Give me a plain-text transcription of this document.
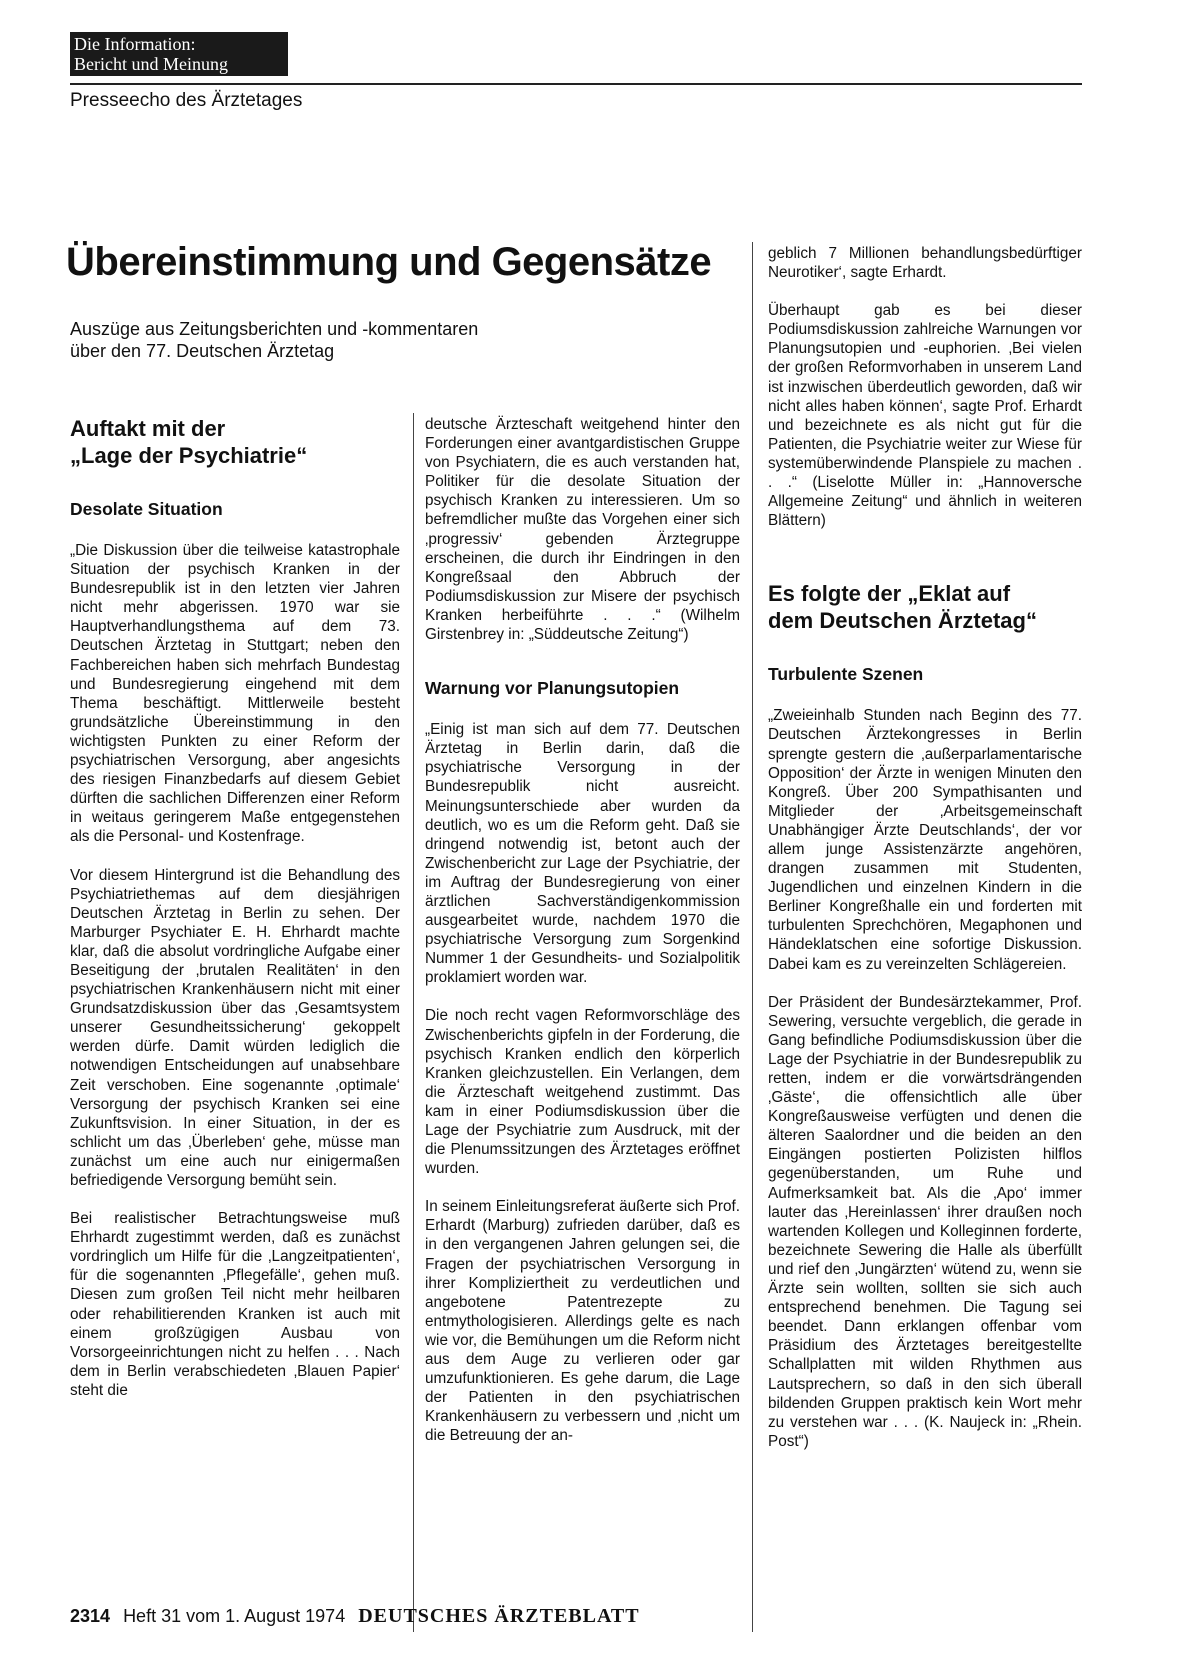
Die Information:
Bericht und Meinung
Presseecho des Ärztetages
Übereinstimmung und Gegensätze
Auszüge aus Zeitungsberichten und -kommentaren
über den 77. Deutschen Ärztetag
Auftakt mit der
„Lage der Psychiatrie“
Desolate Situation

„Die Diskussion über die teilweise katastrophale Situation der psychisch Kranken in der Bundesrepublik ist in den letzten vier Jahren nicht mehr abgerissen. 1970 war sie Hauptverhandlungsthema auf dem 73. Deutschen Ärztetag in Stuttgart; neben den Fachbereichen haben sich mehrfach Bundestag und Bundesregierung eingehend mit dem Thema beschäftigt. Mittlerweile besteht grundsätzliche Übereinstimmung in den wichtigsten Punkten zu einer Reform der psychiatrischen Versorgung, aber angesichts des riesigen Finanzbedarfs auf diesem Gebiet dürften die sachlichen Differenzen einer Reform in weitaus geringerem Maße entgegenstehen als die Personal- und Kostenfrage.

Vor diesem Hintergrund ist die Behandlung des Psychiatriethemas auf dem diesjährigen Deutschen Ärztetag in Berlin zu sehen. Der Marburger Psychiater E. H. Ehrhardt machte klar, daß die absolut vordringliche Aufgabe einer Beseitigung der ‚brutalen Realitäten‘ in den psychiatrischen Krankenhäusern nicht mit einer Grundsatzdiskussion über das ‚Gesamtsystem unserer Gesundheitssicherung‘ gekoppelt werden dürfe. Damit würden lediglich die notwendigen Entscheidungen auf unabsehbare Zeit verschoben. Eine sogenannte ‚optimale‘ Versorgung der psychisch Kranken sei eine Zukunftsvision. In einer Situation, in der es schlicht um das ‚Überleben‘ gehe, müsse man zunächst um eine auch nur einigermaßen befriedigende Versorgung bemüht sein.

Bei realistischer Betrachtungsweise muß Ehrhardt zugestimmt werden, daß es zunächst vordringlich um Hilfe für die ‚Langzeitpatienten‘, für die sogenannten ‚Pflegefälle‘, gehen muß. Diesen zum großen Teil nicht mehr heilbaren oder rehabilitierenden Kranken ist auch mit einem großzügigen Ausbau von Vorsorgeeinrichtungen nicht zu helfen . . . Nach dem in Berlin verabschiedeten ‚Blauen Papier‘ steht die

deutsche Ärzteschaft weitgehend hinter den Forderungen einer avantgardistischen Gruppe von Psychiatern, die es auch verstanden hat, Politiker für die desolate Situation der psychisch Kranken zu interessieren. Um so befremdlicher mußte das Vorgehen einer sich ‚progressiv‘ gebenden Ärztegruppe erscheinen, die durch ihr Eindringen in den Kongreßsaal den Abbruch der Podiumsdiskussion zur Misere der psychisch Kranken herbeiführte . . .“ (Wilhelm Girstenbrey in: „Süddeutsche Zeitung“)

Warnung vor Planungsutopien

„Einig ist man sich auf dem 77. Deutschen Ärztetag in Berlin darin, daß die psychiatrische Versorgung in der Bundesrepublik nicht ausreicht. Meinungsunterschiede aber wurden da deutlich, wo es um die Reform geht. Daß sie dringend notwendig ist, betont auch der Zwischenbericht zur Lage der Psychiatrie, der im Auftrag der Bundesregierung von einer ärztlichen Sachverständigenkommission ausgearbeitet wurde, nachdem 1970 die psychiatrische Versorgung zum Sorgenkind Nummer 1 der Gesundheits- und Sozialpolitik proklamiert worden war.

Die noch recht vagen Reformvorschläge des Zwischenberichts gipfeln in der Forderung, die psychisch Kranken endlich den körperlich Kranken gleichzustellen. Ein Verlangen, dem die Ärzteschaft weitgehend zustimmt. Das kam in einer Podiumsdiskussion über die Lage der Psychiatrie zum Ausdruck, mit der die Plenumssitzungen des Ärztetages eröffnet wurden.

In seinem Einleitungsreferat äußerte sich Prof. Erhardt (Marburg) zufrieden darüber, daß es in den vergangenen Jahren gelungen sei, die Fragen der psychiatrischen Versorgung in ihrer Kompliziertheit zu verdeutlichen und angebotene Patentrezepte zu entmythologisieren. Allerdings gelte es nach wie vor, die Bemühungen um die Reform nicht aus dem Auge zu verlieren oder gar umzufunktionieren. Es gehe darum, die Lage der Patienten in den psychiatrischen Krankenhäusern zu verbessern und ‚nicht um die Betreuung der an-

geblich 7 Millionen behandlungsbedürftiger Neurotiker‘, sagte Erhardt.

Überhaupt gab es bei dieser Podiumsdiskussion zahlreiche Warnungen vor Planungsutopien und -euphorien. ‚Bei vielen der großen Reformvorhaben in unserem Land ist inzwischen überdeutlich geworden, daß wir nicht alles haben können‘, sagte Prof. Erhardt und bezeichnete es als nicht gut für die Patienten, die Psychiatrie weiter zur Wiese für systemüberwindende Planspiele zu machen . . .“ (Liselotte Müller in: „Hannoversche Allgemeine Zeitung“ und ähnlich in weiteren Blättern)

Es folgte der „Eklat auf
dem Deutschen Ärztetag“
Turbulente Szenen

„Zweieinhalb Stunden nach Beginn des 77. Deutschen Ärztekongresses in Berlin sprengte gestern die ‚außerparlamentarische Opposition‘ der Ärzte in wenigen Minuten den Kongreß. Über 200 Sympathisanten und Mitglieder der ‚Arbeitsgemeinschaft Unabhängiger Ärzte Deutschlands‘, der vor allem junge Assistenzärzte angehören, drangen zusammen mit Studenten, Jugendlichen und einzelnen Kindern in die Berliner Kongreßhalle ein und forderten mit turbulenten Sprechchören, Megaphonen und Händeklatschen eine sofortige Diskussion. Dabei kam es zu vereinzelten Schlägereien.

Der Präsident der Bundesärztekammer, Prof. Sewering, versuchte vergeblich, die gerade in Gang befindliche Podiumsdiskussion über die Lage der Psychiatrie in der Bundesrepublik zu retten, indem er die vorwärtsdrängenden ‚Gäste‘, die offensichtlich alle über Kongreßausweise verfügten und denen die älteren Saalordner und die beiden an den Eingängen postierten Polizisten hilflos gegenüberstanden, um Ruhe und Aufmerksamkeit bat. Als die ‚Apo‘ immer lauter das ‚Hereinlassen‘ ihrer draußen noch wartenden Kollegen und Kolleginnen forderte, bezeichnete Sewering die Halle als überfüllt und rief den ‚Jungärzten‘ wütend zu, wenn sie Ärzte sein wollten, sollten sie sich auch entsprechend benehmen. Die Tagung sei beendet. Dann erklangen offenbar vom Präsidium des Ärztetages bereitgestellte Schallplatten mit wilden Rhythmen aus Lautsprechern, so daß in den sich überall bildenden Gruppen praktisch kein Wort mehr zu verstehen war . . . (K. Naujeck in: „Rhein. Post“)

2314 Heft 31 vom 1. August 1974 DEUTSCHES ÄRZTEBLATT
